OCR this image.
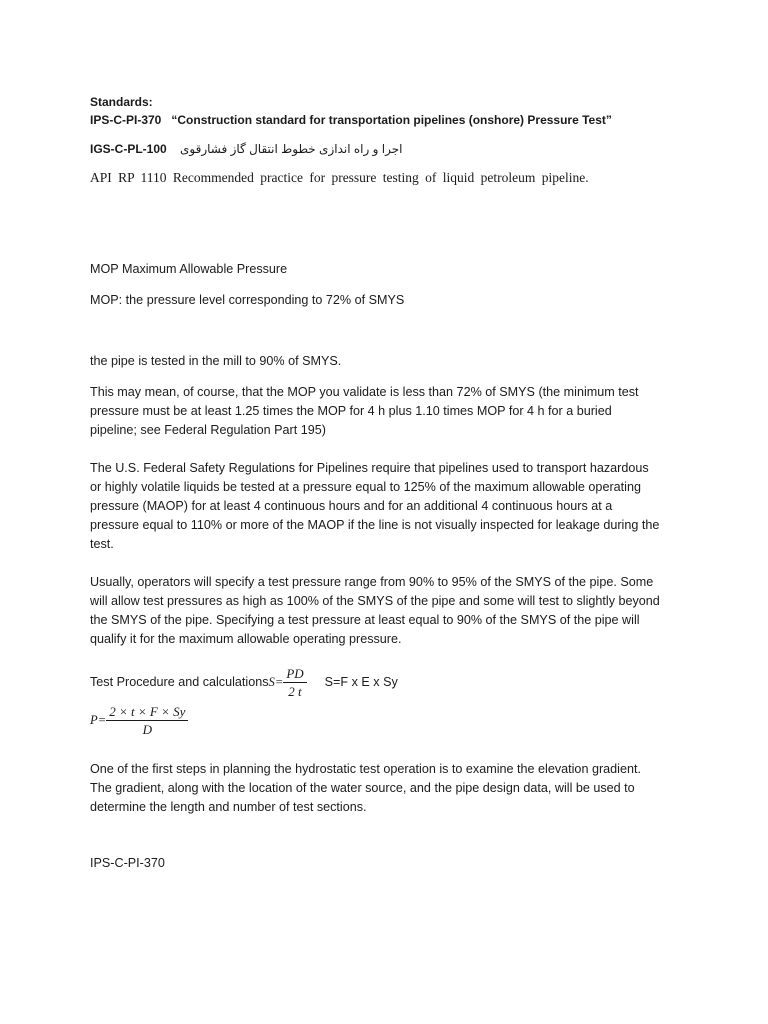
Standards:

IPS-C-PI-370 “Construction standard for transportation pipelines (onshore) Pressure Test”

IGS-C-PL-100 اجرا و راه اندازی خطوط انتقال گاز فشارقوی

API RP 1110 Recommended practice for pressure testing of liquid petroleum pipeline.

MOP Maximum Allowable Pressure

MOP: the pressure level corresponding to 72% of SMYS

the pipe is tested in the mill to 90% of SMYS.

This may mean, of course, that the MOP you validate is less than 72% of SMYS (the minimum test pressure must be at least 1.25 times the MOP for 4 h plus 1.10 times MOP for 4 h for a buried pipeline; see Federal Regulation Part 195)

The U.S. Federal Safety Regulations for Pipelines require that pipelines used to transport hazardous or highly volatile liquids be tested at a pressure equal to 125% of the maximum allowable operating pressure (MAOP) for at least 4 continuous hours and for an additional 4 continuous hours at a pressure equal to 110% or more of the MAOP if the line is not visually inspected for leakage during the test.

Usually, operators will specify a test pressure range from 90% to 95% of the SMYS of the pipe. Some will allow test pressures as high as 100% of the SMYS of the pipe and some will test to slightly beyond the SMYS of the pipe. Specifying a test pressure at least equal to 90% of the SMYS of the pipe will qualify it for the maximum allowable operating pressure.

Test Procedure and calculations $S= \frac{PD}{2 t} S=F$ x E x Sy
$P= \frac{2 \times t \times F \times Sy}{D}$

One of the first steps in planning the hydrostatic test operation is to examine the elevation gradient. The gradient, along with the location of the water source, and the pipe design data, will be used to determine the length and number of test sections.

IPS-C-PI-370
